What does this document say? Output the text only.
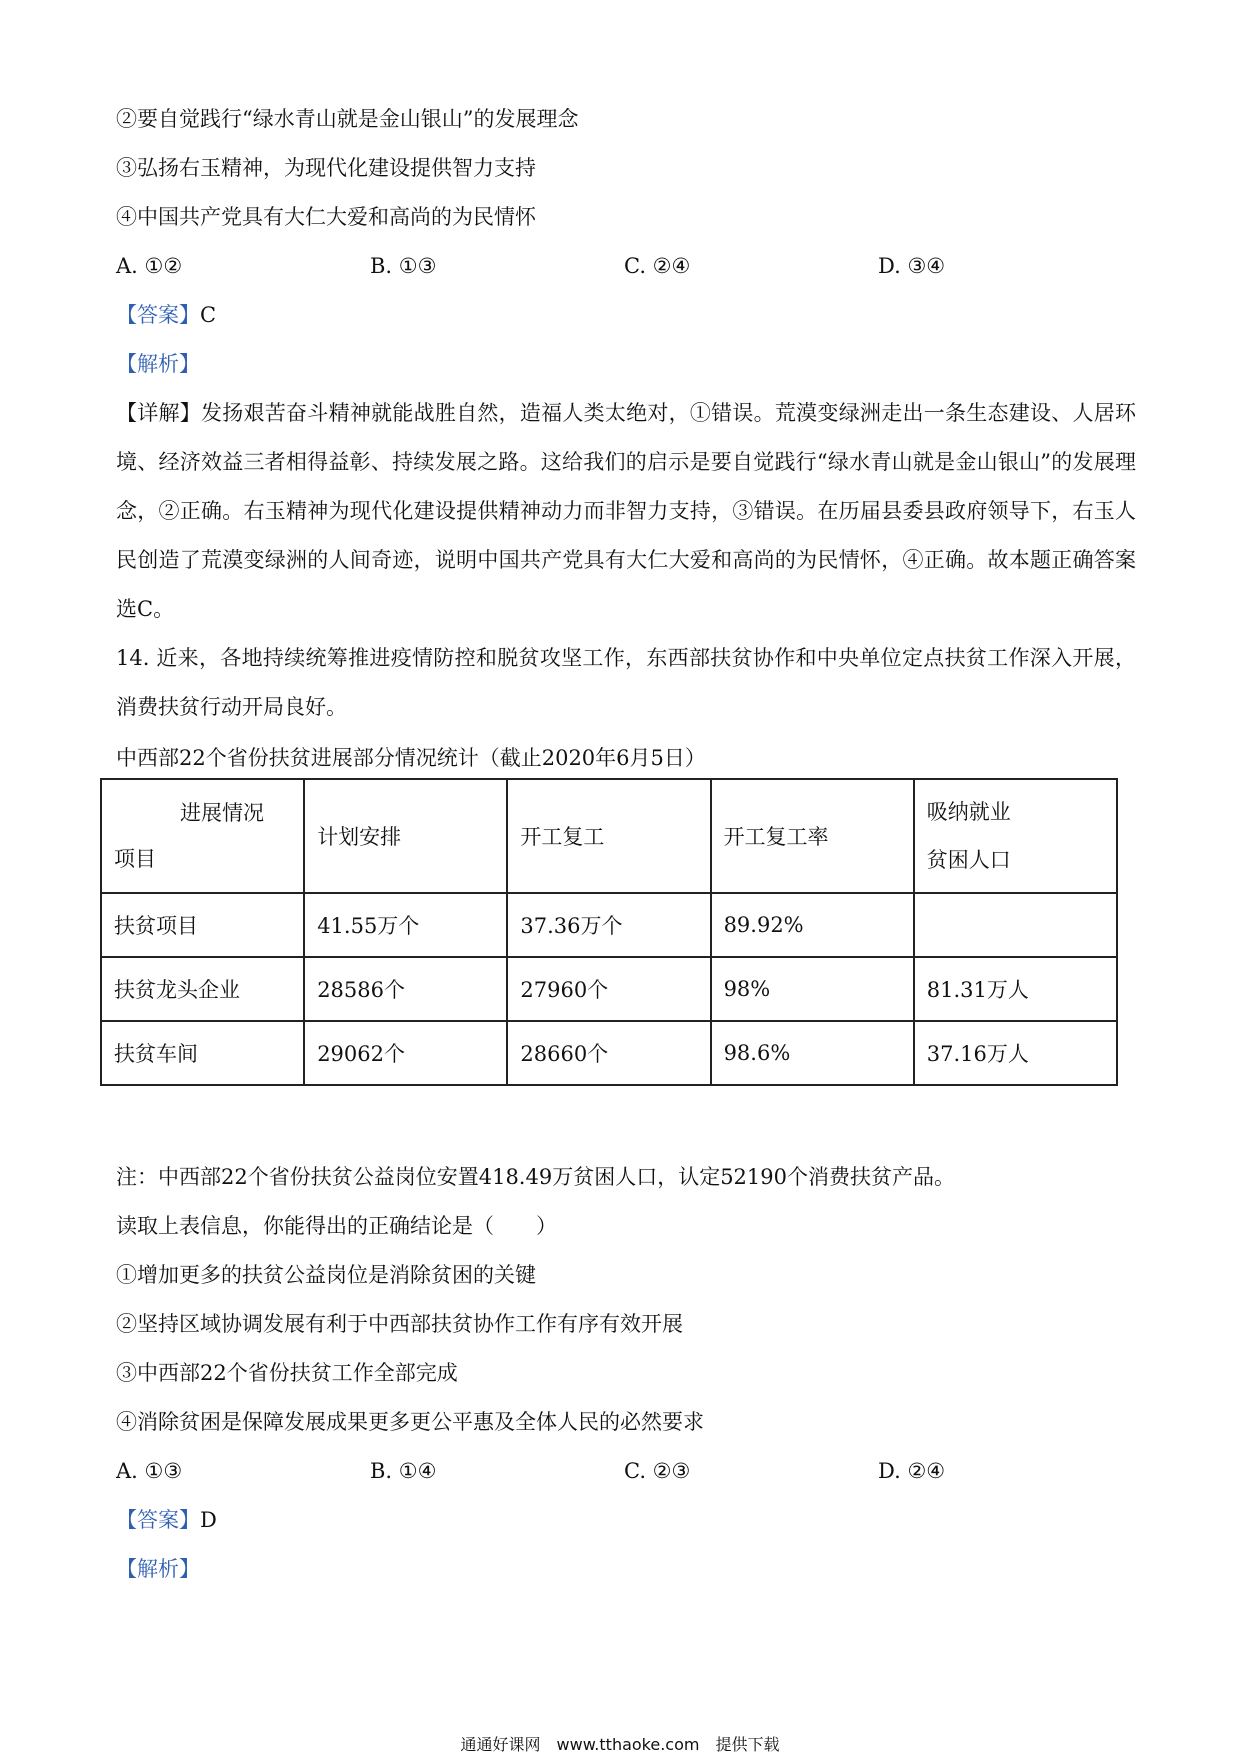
②要自觉践行“绿水青山就是金山银山”的发展理念
③弘扬右玉精神，为现代化建设提供智力支持
④中国共产党具有大仁大爱和高尚的为民情怀
A. ①②	B. ①③	C. ②④	D. ③④
【答案】C
【解析】
【详解】发扬艰苦奋斗精神就能战胜自然，造福人类太绝对，①错误。荒漠变绿洲走出一条生态建设、人居环境、经济效益三者相得益彰、持续发展之路。这给我们的启示是要自觉践行“绿水青山就是金山银山”的发展理念，②正确。右玉精神为现代化建设提供精神动力而非智力支持，③错误。在历届县委县政府领导下，右玉人民创造了荒漠变绿洲的人间奇迹，说明中国共产党具有大仁大爱和高尚的为民情怀，④正确。故本题正确答案选C。
14. 近来，各地持续统筹推进疫情防控和脱贫攻坚工作，东西部扶贫协作和中央单位定点扶贫工作深入开展，消费扶贫行动开局良好。
中西部22个省份扶贫进展部分情况统计（截止2020年6月5日）
进展情况
项目	计划安排	开工复工	开工复工率	吸纳就业
贫困人口

扶贫项目	41.55万个	37.36万个	89.92%	
扶贫龙头企业	28586个	27960个	98%	81.31万人
扶贫车间	29062个	28660个	98.6%	37.16万人
注：中西部22个省份扶贫公益岗位安置418.49万贫困人口，认定52190个消费扶贫产品。
读取上表信息，你能得出的正确结论是（　　）
①增加更多的扶贫公益岗位是消除贫困的关键
②坚持区域协调发展有利于中西部扶贫协作工作有序有效开展
③中西部22个省份扶贫工作全部完成
④消除贫困是保障发展成果更多更公平惠及全体人民的必然要求
A. ①③	B. ①④	C. ②③	D. ②④
【答案】D
【解析】
通通好课网　www.tthaoke.com　提供下载
